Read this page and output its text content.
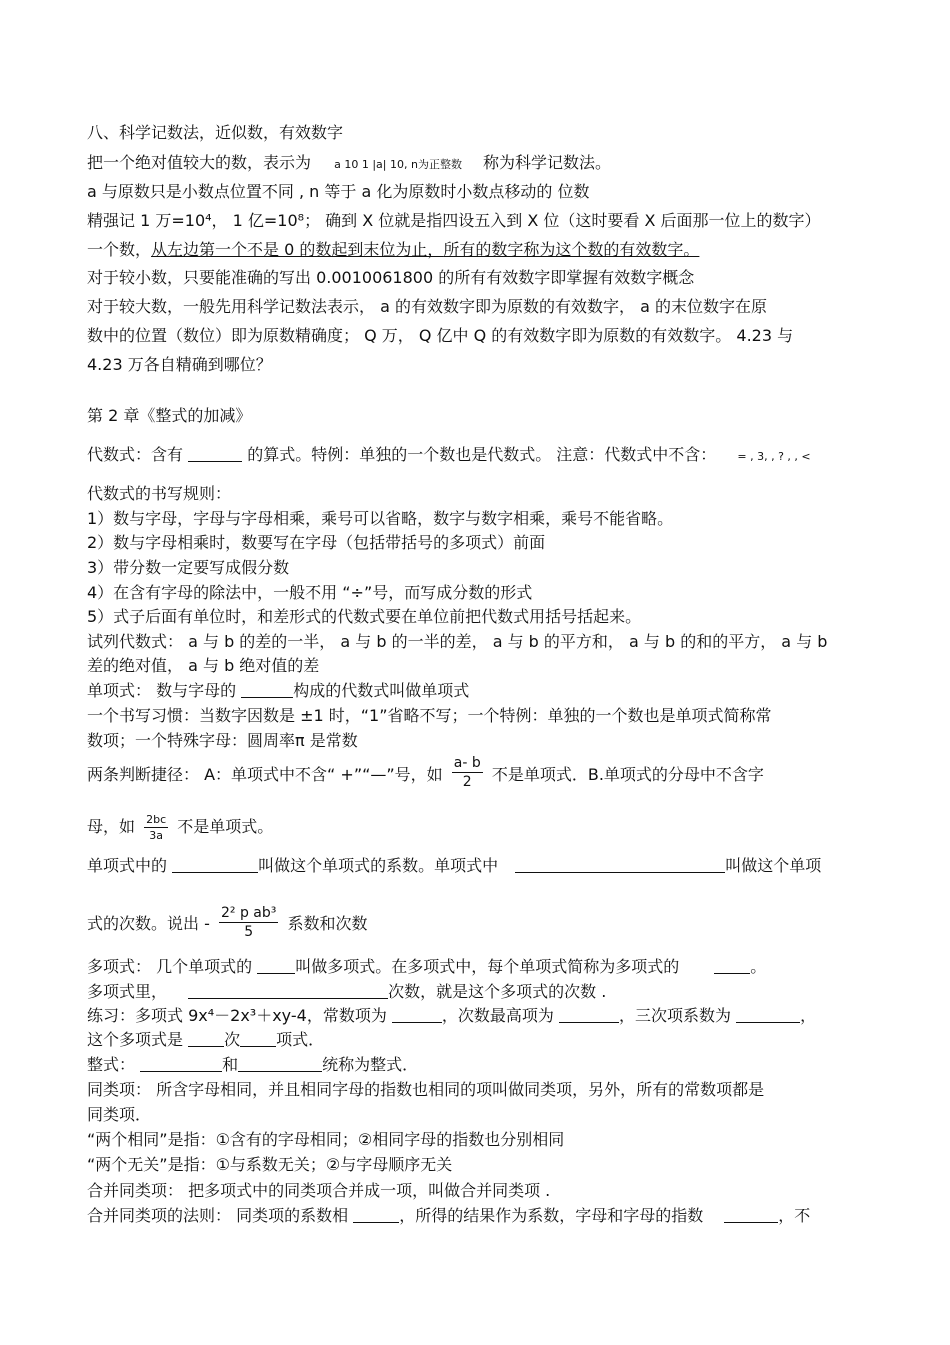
八、科学记数法，近似数，有效数字
把一个绝对值较大的数，表示为 a 10 1 |a| 10, n为正整数 称为科学记数法。
a 与原数只是小数点位置不同 , n 等于 a 化为原数时小数点移动的 位数
精强记 1 万=10⁴， 1 亿=10⁸； 确到 X 位就是指四设五入到 X 位（这时要看 X 后面那一位上的数字）
一个数，从左边第一个不是 0 的数起到末位为止，所有的数字称为这个数的有效数字。
对于较小数，只要能准确的写出 0.0010061800 的所有有效数字即掌握有效数字概念
对于较大数，一般先用科学记数法表示， a 的有效数字即为原数的有效数字， a 的末位数字在原
数中的位置（数位）即为原数精确度； Q 万， Q 亿中 Q 的有效数字即为原数的有效数字。 4.23 与
4.23 万各自精确到哪位？
第 2 章《整式的加减》
代数式：含有	的算式。特例：单独的一个数也是代数式。 注意：代数式中不含： = , 3, , ? , , <
代数式的书写规则：
1）数与字母，字母与字母相乘，乘号可以省略，数字与数字相乘，乘号不能省略。
2）数与字母相乘时，数要写在字母（包括带括号的多项式）前面
3）带分数一定要写成假分数
4）在含有字母的除法中，一般不用 “÷”号，而写成分数的形式
5）式子后面有单位时，和差形式的代数式要在单位前把代数式用括号括起来。
试列代数式： a 与 b 的差的一半， a 与 b 的一半的差， a 与 b 的平方和， a 与 b 的和的平方， a 与 b
差的绝对值， a 与 b 绝对值的差
单项式： 数与字母的	构成的代数式叫做单项式
一个书写习惯：当数字因数是 ±1 时，“1”省略不写；一个特例：单独的一个数也是单项式简称常
数项；一个特殊字母：圆周率π 是常数
两条判断捷径： A：单项式中不含“ +”“—”号，如 $\frac{a- b}{2}$ 不是单项式．B.单项式的分母中不含字
母，如 $\frac{2bc}{3a}$ 不是单项式。
单项式中的	叫做这个单项式的系数。单项式中	叫做这个单项
式的次数。说出 - $\frac{\text{2² p ab³}}{5}$ 系数和次数
多项式： 几个单项式的	叫做多项式。在多项式中，每个单项式简称为多项式的	。
多项式里，	次数，就是这个多项式的次数 .
练习：多项式 9x⁴－2x³＋xy-4，常数项为	，次数最高项为	，三次项系数为	，
这个多项式是	次 项式．
整式：	和	统称为整式．
同类项： 所含字母相同，并且相同字母的指数也相同的项叫做同类项，另外，所有的常数项都是
同类项．
“两个相同”是指：①含有的字母相同；②相同字母的指数也分别相同
“两个无关”是指：①与系数无关；②与字母顺序无关
合并同类项： 把多项式中的同类项合并成一项，叫做合并同类项 .
合并同类项的法则： 同类项的系数相	，所得的结果作为系数，字母和字母的指数	，不
